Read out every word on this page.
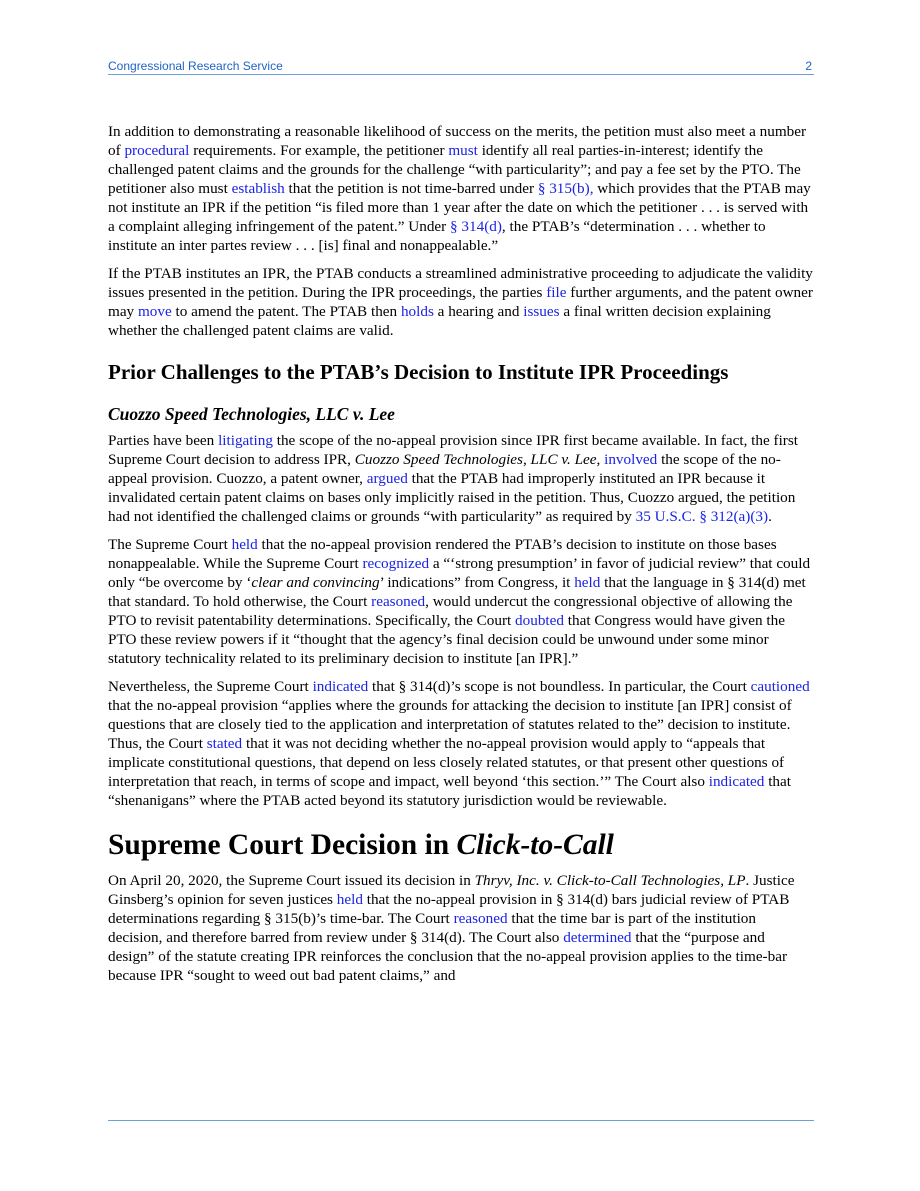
Congressional Research Service	2

In addition to demonstrating a reasonable likelihood of success on the merits, the petition must also meet a number of procedural requirements. For example, the petitioner must identify all real parties-in-interest; identify the challenged patent claims and the grounds for the challenge “with particularity”; and pay a fee set by the PTO. The petitioner also must establish that the petition is not time-barred under § 315(b), which provides that the PTAB may not institute an IPR if the petition “is filed more than 1 year after the date on which the petitioner . . . is served with a complaint alleging infringement of the patent.” Under § 314(d), the PTAB’s “determination . . . whether to institute an inter partes review . . . [is] final and nonappealable.”

If the PTAB institutes an IPR, the PTAB conducts a streamlined administrative proceeding to adjudicate the validity issues presented in the petition. During the IPR proceedings, the parties file further arguments, and the patent owner may move to amend the patent. The PTAB then holds a hearing and issues a final written decision explaining whether the challenged patent claims are valid.

Prior Challenges to the PTAB’s Decision to Institute IPR Proceedings
Cuozzo Speed Technologies, LLC v. Lee

Parties have been litigating the scope of the no-appeal provision since IPR first became available. In fact, the first Supreme Court decision to address IPR, Cuozzo Speed Technologies, LLC v. Lee, involved the scope of the no-appeal provision. Cuozzo, a patent owner, argued that the PTAB had improperly instituted an IPR because it invalidated certain patent claims on bases only implicitly raised in the petition. Thus, Cuozzo argued, the petition had not identified the challenged claims or grounds “with particularity” as required by 35 U.S.C. § 312(a)(3).

The Supreme Court held that the no-appeal provision rendered the PTAB’s decision to institute on those bases nonappealable. While the Supreme Court recognized a “‘strong presumption’ in favor of judicial review” that could only “be overcome by ‘clear and convincing’ indications” from Congress, it held that the language in § 314(d) met that standard. To hold otherwise, the Court reasoned, would undercut the congressional objective of allowing the PTO to revisit patentability determinations. Specifically, the Court doubted that Congress would have given the PTO these review powers if it “thought that the agency’s final decision could be unwound under some minor statutory technicality related to its preliminary decision to institute [an IPR].”

Nevertheless, the Supreme Court indicated that § 314(d)’s scope is not boundless. In particular, the Court cautioned that the no-appeal provision “applies where the grounds for attacking the decision to institute [an IPR] consist of questions that are closely tied to the application and interpretation of statutes related to the” decision to institute. Thus, the Court stated that it was not deciding whether the no-appeal provision would apply to “appeals that implicate constitutional questions, that depend on less closely related statutes, or that present other questions of interpretation that reach, in terms of scope and impact, well beyond ‘this section.’” The Court also indicated that “shenanigans” where the PTAB acted beyond its statutory jurisdiction would be reviewable.

Supreme Court Decision in Click-to-Call

On April 20, 2020, the Supreme Court issued its decision in Thryv, Inc. v. Click-to-Call Technologies, LP. Justice Ginsberg’s opinion for seven justices held that the no-appeal provision in § 314(d) bars judicial review of PTAB determinations regarding § 315(b)’s time-bar. The Court reasoned that the time bar is part of the institution decision, and therefore barred from review under § 314(d). The Court also determined that the “purpose and design” of the statute creating IPR reinforces the conclusion that the no-appeal provision applies to the time-bar because IPR “sought to weed out bad patent claims,” and
